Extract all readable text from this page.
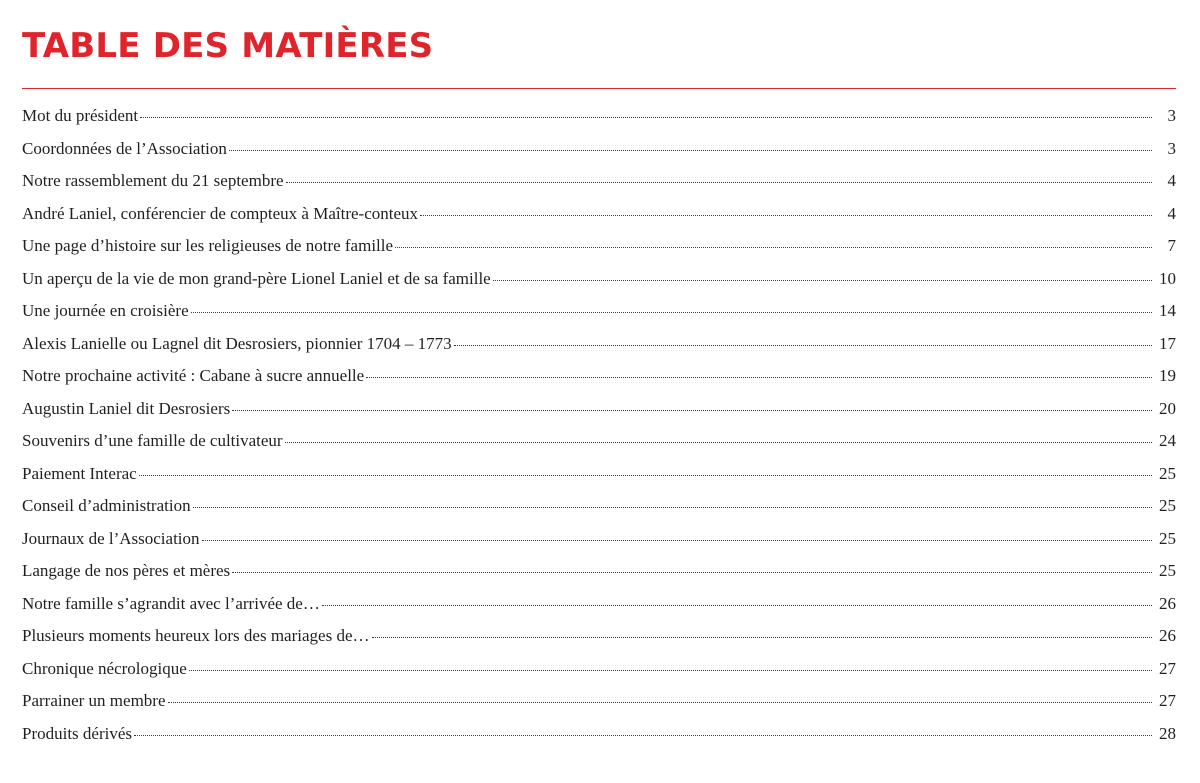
TABLE DES MATIÈRES
Mot du président	3
Coordonnées de l’Association	3
Notre rassemblement du 21 septembre	4
André Laniel, conférencier de compteux à Maître-conteux	4
Une page d’histoire sur les religieuses de notre famille	7
Un aperçu de la vie de mon grand-père Lionel Laniel et de sa famille	10
Une journée en croisière	14
Alexis Lanielle ou Lagnel dit Desrosiers, pionnier 1704 – 1773	17
Notre prochaine activité : Cabane à sucre annuelle	19
Augustin Laniel dit Desrosiers	20
Souvenirs d’une famille de cultivateur	24
Paiement Interac	25
Conseil d’administration	25
Journaux de l’Association	25
Langage de nos pères et mères	25
Notre famille s’agrandit avec l’arrivée de…	26
Plusieurs moments heureux lors des mariages de…	26
Chronique nécrologique	27
Parrainer un membre	27
Produits dérivés	28
